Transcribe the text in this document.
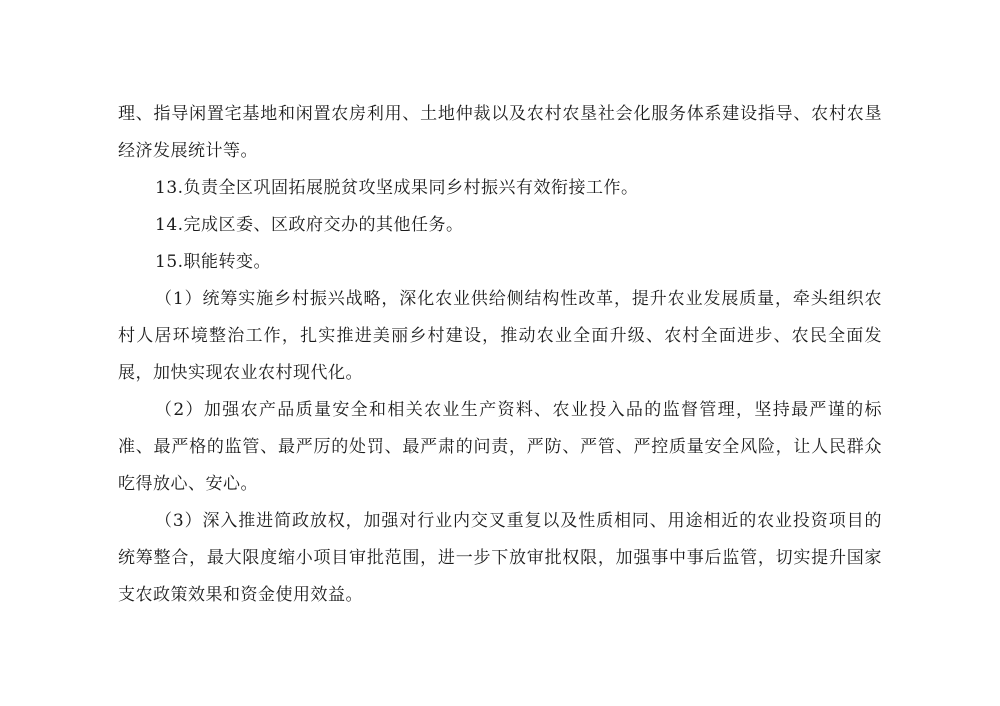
理、指导闲置宅基地和闲置农房利用、土地仲裁以及农村农垦社会化服务体系建设指导、农村农垦经济发展统计等。

13.负责全区巩固拓展脱贫攻坚成果同乡村振兴有效衔接工作。

14.完成区委、区政府交办的其他任务。

15.职能转变。

（1）统筹实施乡村振兴战略，深化农业供给侧结构性改革，提升农业发展质量，牵头组织农村人居环境整治工作，扎实推进美丽乡村建设，推动农业全面升级、农村全面进步、农民全面发展，加快实现农业农村现代化。

（2）加强农产品质量安全和相关农业生产资料、农业投入品的监督管理，坚持最严谨的标准、最严格的监管、最严厉的处罚、最严肃的问责，严防、严管、严控质量安全风险，让人民群众吃得放心、安心。

（3）深入推进简政放权，加强对行业内交叉重复以及性质相同、用途相近的农业投资项目的统筹整合，最大限度缩小项目审批范围，进一步下放审批权限，加强事中事后监管，切实提升国家支农政策效果和资金使用效益。
